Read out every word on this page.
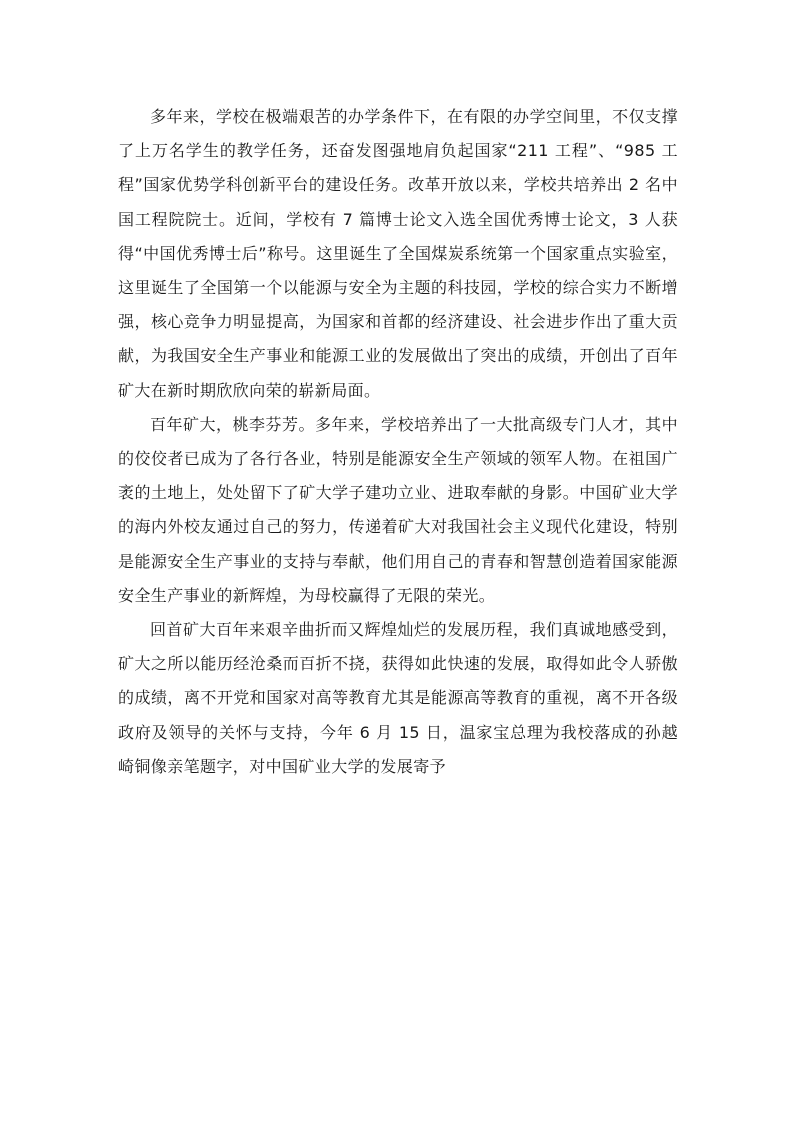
多年来，学校在极端艰苦的办学条件下，在有限的办学空间里，不仅支撑了上万名学生的教学任务，还奋发图强地肩负起国家“211 工程”、“985 工程”国家优势学科创新平台的建设任务。改革开放以来，学校共培养出 2 名中国工程院院士。近间，学校有 7 篇博士论文入选全国优秀博士论文，3 人获得“中国优秀博士后”称号。这里诞生了全国煤炭系统第一个国家重点实验室，这里诞生了全国第一个以能源与安全为主题的科技园，学校的综合实力不断增强，核心竞争力明显提高，为国家和首都的经济建设、社会进步作出了重大贡献，为我国安全生产事业和能源工业的发展做出了突出的成绩，开创出了百年矿大在新时期欣欣向荣的崭新局面。

百年矿大，桃李芬芳。多年来，学校培养出了一大批高级专门人才，其中的佼佼者已成为了各行各业，特别是能源安全生产领域的领军人物。在祖国广袤的土地上，处处留下了矿大学子建功立业、进取奉献的身影。中国矿业大学的海内外校友通过自己的努力，传递着矿大对我国社会主义现代化建设，特别是能源安全生产事业的支持与奉献，他们用自己的青春和智慧创造着国家能源安全生产事业的新辉煌，为母校赢得了无限的荣光。

回首矿大百年来艰辛曲折而又辉煌灿烂的发展历程，我们真诚地感受到，矿大之所以能历经沧桑而百折不挠，获得如此快速的发展，取得如此令人骄傲的成绩，离不开党和国家对高等教育尤其是能源高等教育的重视，离不开各级政府及领导的关怀与支持，今年 6 月 15 日，温家宝总理为我校落成的孙越崎铜像亲笔题字，对中国矿业大学的发展寄予
